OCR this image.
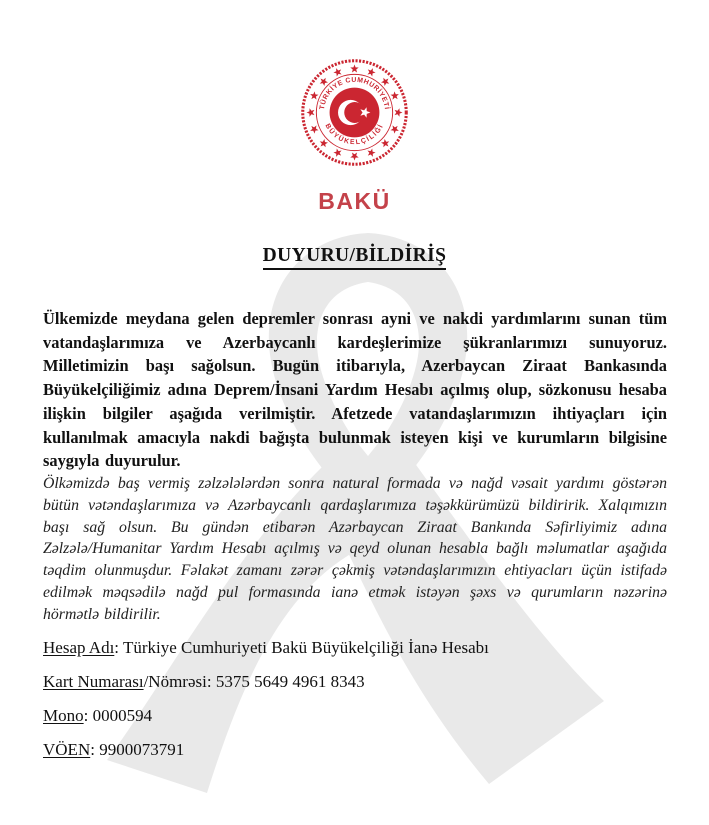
TÜRKİYE CUMHURİYETİ
BÜYÜKELÇİLİĞİ
BAKÜ
DUYURU/BİLDİRİŞ

Ülkemizde meydana gelen depremler sonrası ayni ve nakdi yardımlarını sunan tüm vatandaşlarımıza ve Azerbaycanlı kardeşlerimize şükranlarımızı sunuyoruz. Milletimizin başı sağolsun. Bugün itibarıyla, Azerbaycan Ziraat Bankasında Büyükelçiliğimiz adına Deprem/İnsani Yardım Hesabı açılmış olup, sözkonusu hesaba ilişkin bilgiler aşağıda verilmiştir. Afetzede vatandaşlarımızın ihtiyaçları için kullanılmak amacıyla nakdi bağışta bulunmak isteyen kişi ve kurumların bilgisine saygıyla duyurulur.

Ölkəmizdə baş vermiş zəlzələlərdən sonra natural formada və nağd vəsait yardımı göstərən bütün vətəndaşlarımıza və Azərbaycanlı qardaşlarımıza təşəkkürümüzü bildiririk. Xalqımızın başı sağ olsun. Bu gündən etibarən Azərbaycan Ziraat Bankında Səfirliyimiz adına Zəlzələ/Humanitar Yardım Hesabı açılmış və qeyd olunan hesabla bağlı məlumatlar aşağıda təqdim olunmuşdur. Fəlakət zamanı zərər çəkmiş vətəndaşlarımızın ehtiyacları üçün istifadə edilmək məqsədilə nağd pul formasında ianə etmək istəyən şəxs və qurumların nəzərinə hörmətlə bildirilir.

Hesap Adı: Türkiye Cumhuriyeti Bakü Büyükelçiliği İanə Hesabı

Kart Numarası/Nömrəsi: 5375 5649 4961 8343

Mono: 0000594

VÖEN: 9900073791
